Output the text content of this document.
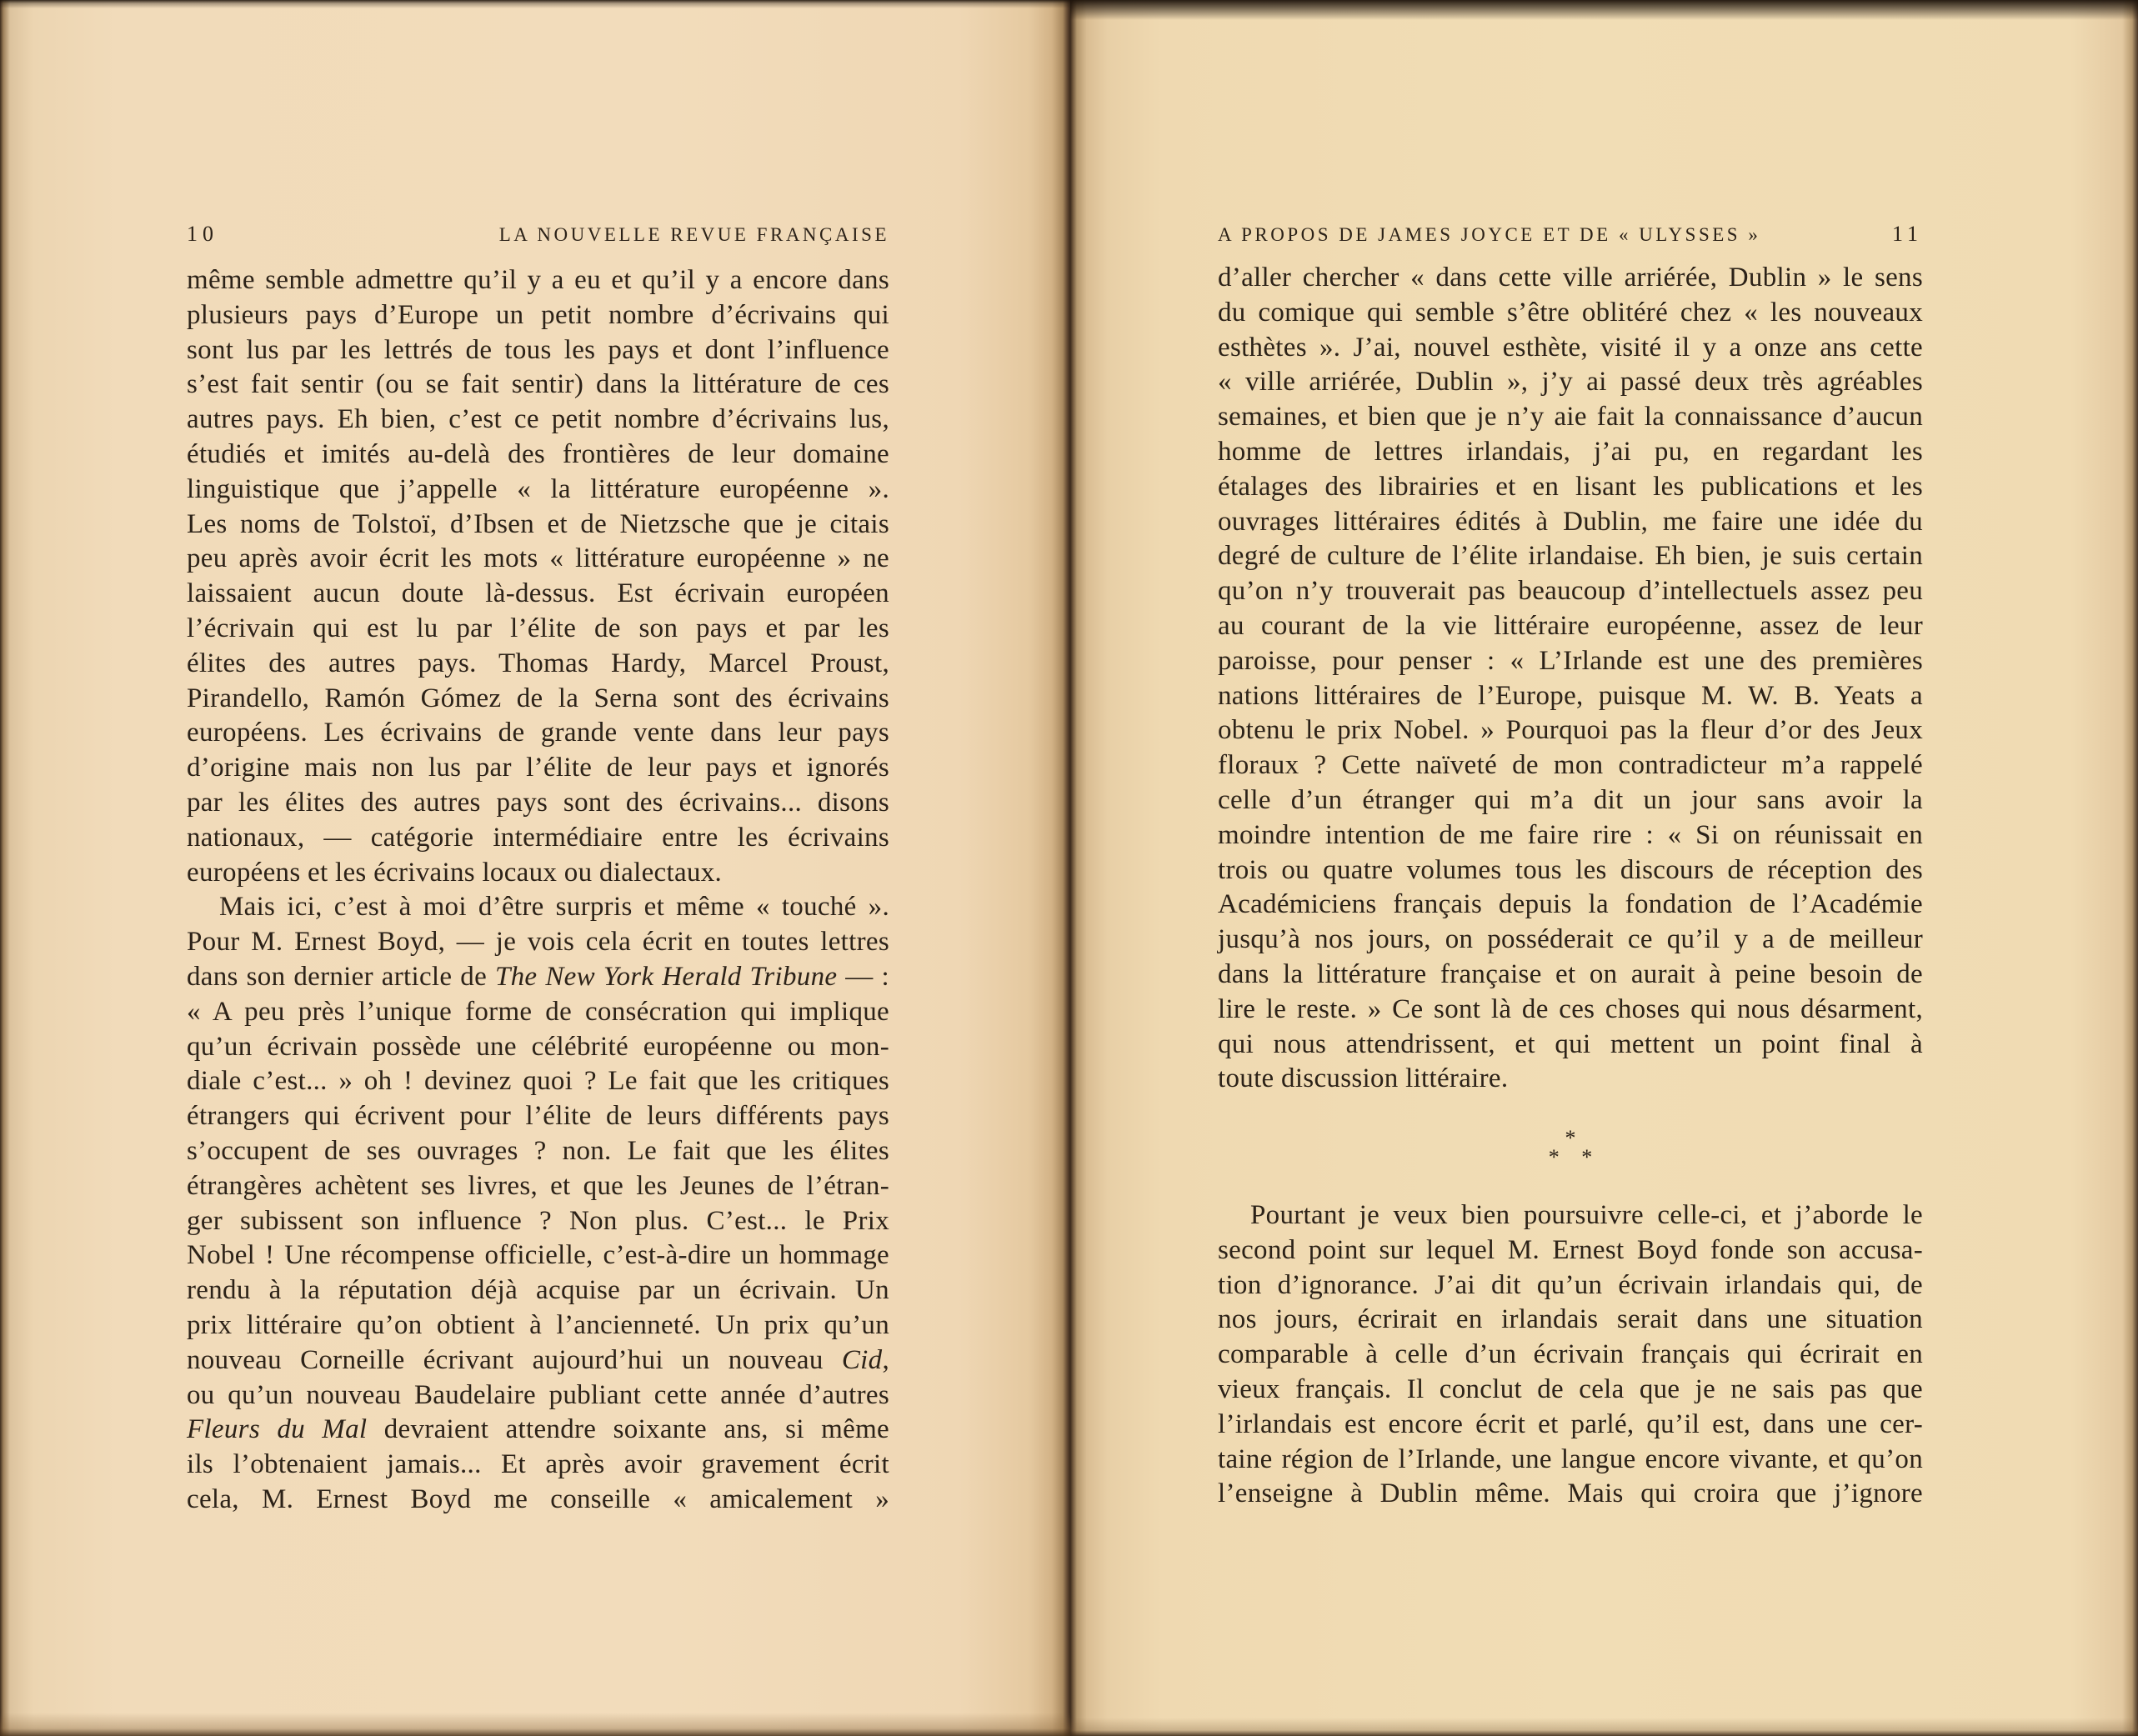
10	LA NOUVELLE REVUE FRANÇAISE
même semble admettre qu’il y a eu et qu’il y a encore dans
plusieurs pays d’Europe un petit nombre d’écrivains qui
sont lus par les lettrés de tous les pays et dont l’influence
s’est fait sentir (ou se fait sentir) dans la littérature de ces
autres pays. Eh bien, c’est ce petit nombre d’écrivains lus,
étudiés et imités au-delà des frontières de leur domaine
linguistique que j’appelle « la littérature européenne ».
Les noms de Tolstoï, d’Ibsen et de Nietzsche que je citais
peu après avoir écrit les mots « littérature européenne » ne
laissaient aucun doute là-dessus. Est écrivain européen
l’écrivain qui est lu par l’élite de son pays et par les
élites des autres pays. Thomas Hardy, Marcel Proust,
Pirandello, Ramón Gómez de la Serna sont des écrivains
européens. Les écrivains de grande vente dans leur pays
d’origine mais non lus par l’élite de leur pays et ignorés
par les élites des autres pays sont des écrivains... disons
nationaux, — catégorie intermédiaire entre les écrivains
européens et les écrivains locaux ou dialectaux.
Mais ici, c’est à moi d’être surpris et même « touché ».
Pour M. Ernest Boyd, — je vois cela écrit en toutes lettres
dans son dernier article de The New York Herald Tribune — :
« A peu près l’unique forme de consécration qui implique
qu’un écrivain possède une célébrité européenne ou mon-
diale c’est... » oh ! devinez quoi ? Le fait que les critiques
étrangers qui écrivent pour l’élite de leurs différents pays
s’occupent de ses ouvrages ? non. Le fait que les élites
étrangères achètent ses livres, et que les Jeunes de l’étran-
ger subissent son influence ? Non plus. C’est... le Prix
Nobel ! Une récompense officielle, c’est-à-dire un hommage
rendu à la réputation déjà acquise par un écrivain. Un
prix littéraire qu’on obtient à l’ancienneté. Un prix qu’un
nouveau Corneille écrivant aujourd’hui un nouveau Cid,
ou qu’un nouveau Baudelaire publiant cette année d’autres
Fleurs du Mal devraient attendre soixante ans, si même
ils l’obtenaient jamais... Et après avoir gravement écrit
cela, M. Ernest Boyd me conseille « amicalement »
A PROPOS DE JAMES JOYCE ET DE « ULYSSES »	11
d’aller chercher « dans cette ville arriérée, Dublin » le sens
du comique qui semble s’être oblitéré chez « les nouveaux
esthètes ». J’ai, nouvel esthète, visité il y a onze ans cette
« ville arriérée, Dublin », j’y ai passé deux très agréables
semaines, et bien que je n’y aie fait la connaissance d’aucun
homme de lettres irlandais, j’ai pu, en regardant les
étalages des librairies et en lisant les publications et les
ouvrages littéraires édités à Dublin, me faire une idée du
degré de culture de l’élite irlandaise. Eh bien, je suis certain
qu’on n’y trouverait pas beaucoup d’intellectuels assez peu
au courant de la vie littéraire européenne, assez de leur
paroisse, pour penser : « L’Irlande est une des premières
nations littéraires de l’Europe, puisque M. W. B. Yeats a
obtenu le prix Nobel. » Pourquoi pas la fleur d’or des Jeux
floraux ? Cette naïveté de mon contradicteur m’a rappelé
celle d’un étranger qui m’a dit un jour sans avoir la
moindre intention de me faire rire : « Si on réunissait en
trois ou quatre volumes tous les discours de réception des
Académiciens français depuis la fondation de l’Académie
jusqu’à nos jours, on posséderait ce qu’il y a de meilleur
dans la littérature française et on aurait à peine besoin de
lire le reste. » Ce sont là de ces choses qui nous désarment,
qui nous attendrissent, et qui mettent un point final à
toute discussion littéraire.
*
* *
Pourtant je veux bien poursuivre celle-ci, et j’aborde le
second point sur lequel M. Ernest Boyd fonde son accusa-
tion d’ignorance. J’ai dit qu’un écrivain irlandais qui, de
nos jours, écrirait en irlandais serait dans une situation
comparable à celle d’un écrivain français qui écrirait en
vieux français. Il conclut de cela que je ne sais pas que
l’irlandais est encore écrit et parlé, qu’il est, dans une cer-
taine région de l’Irlande, une langue encore vivante, et qu’on
l’enseigne à Dublin même. Mais qui croira que j’ignore
